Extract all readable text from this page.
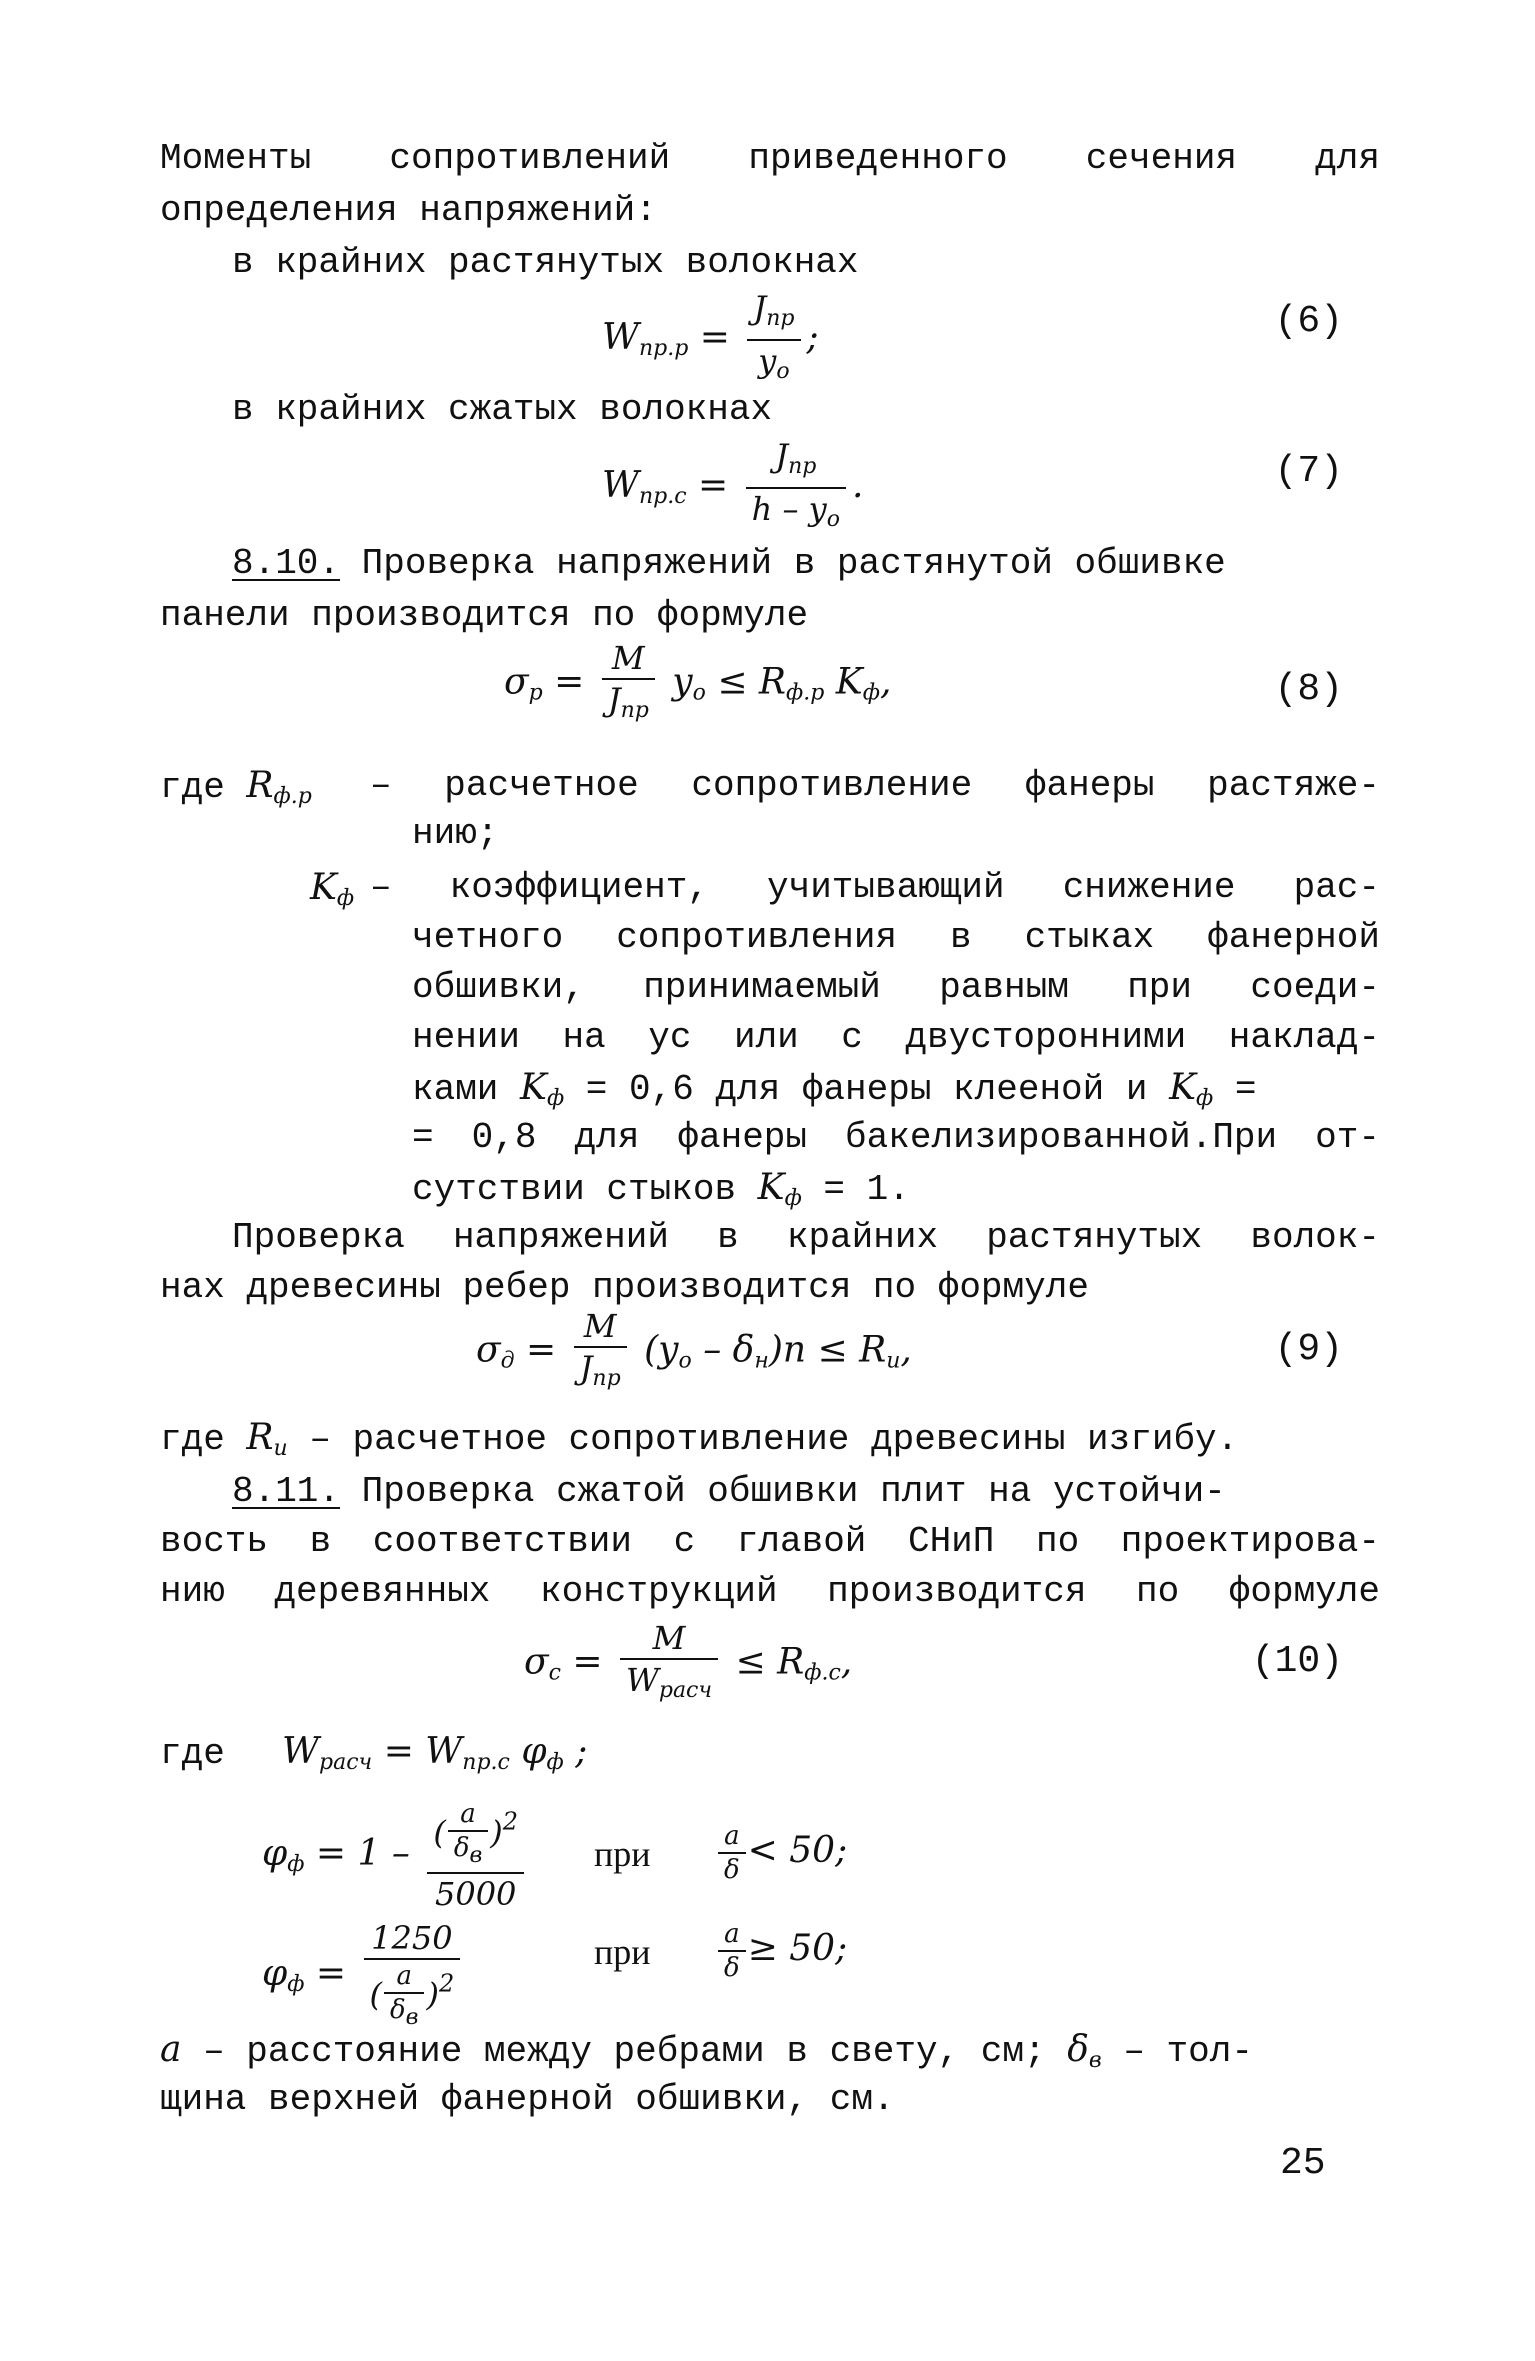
Моменты сопротивлений приведенного сечения для
определения напряжений:
в крайних растянутых волокнах
$W_{пр.р} = \frac{J_{пр}}{y_о}$ ;	(6)
в крайних сжатых волокнах
$W_{пр.с} = \frac{J_{пр}}{h - y_о}$ .	(7)
8.10. Проверка напряжений в растянутой обшивке
панели производится по формуле
$\sigma_р = \frac{M}{J_{пр}} y_о \le R_{ф.р}$ $K_ф$,	(8)
где $R_{ф.р}$ – расчетное сопротивление фанеры растяже-
нию;
$K_ф$ – коэффициент, учитывающий снижение рас-
четного сопротивления в стыках фанерной
обшивки, принимаемый равным при соеди-
нении на ус или с двусторонними наклад-
ками $K_ф = 0,6$ для фанеры клееной и $K_ф$ =
= 0,8 для фанеры бакелизированной.При от-
сутствии стыков $K_ф = 1$.
Проверка напряжений в крайних растянутых волок-
нах древесины ребер производится по формуле
$\sigma_д = \frac{M}{J_{пр}} (y_о - \delta_н)n \le R_и$,	(9)
где $R_и$ – расчетное сопротивление древесины изгибу.
8.11. Проверка сжатой обшивки плит на устойчи-
вость в соответствии с главой СНиП по проектирова-
нию деревянных конструкций производится по формуле
$\sigma_с = \frac{M}{W_{расч}} \le R_{ф.с}$,	(10)
где $W_{расч} = W_{пр.с}$ $\varphi_ф$ ;
$\varphi_ф = 1 - \frac{( \frac{a}{\delta_в} )^2}{5000}$ при	$\frac{a}{\delta} < 50$;
$\varphi_ф = \frac{1250}{( \frac{a}{\delta_в} )^2}$	при	$\frac{a}{\delta} \ge 50$;
a – расстояние между ребрами в свету, см; $\delta_в - тол-$
щина верхней фанерной обшивки, см.
25
